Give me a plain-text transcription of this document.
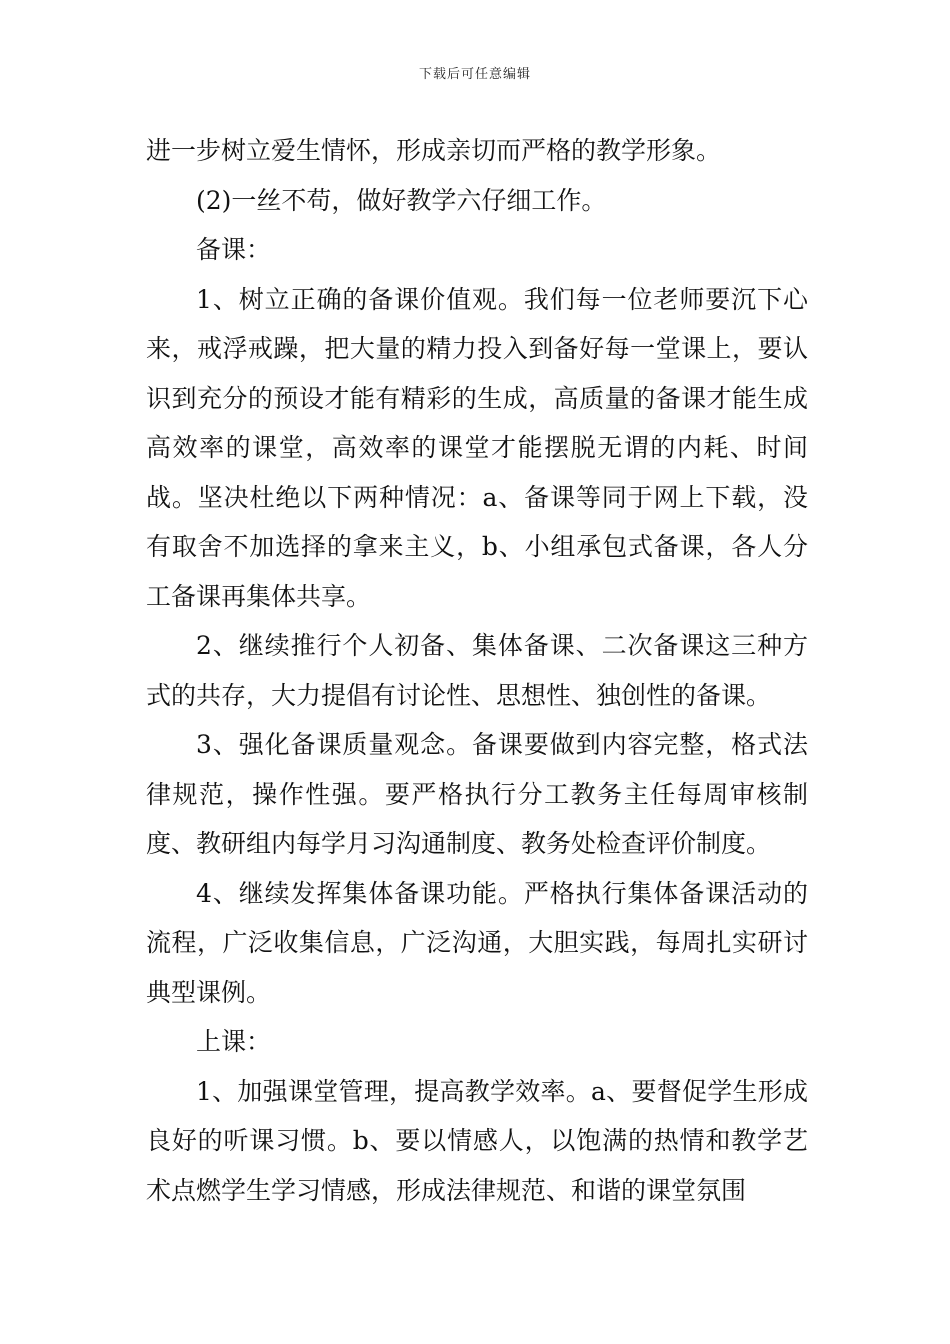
下载后可任意编辑

进一步树立爱生情怀，形成亲切而严格的教学形象。

(2)一丝不苟，做好教学六仔细工作。

备课：

1、树立正确的备课价值观。我们每一位老师要沉下心来，戒浮戒躁，把大量的精力投入到备好每一堂课上，要认识到充分的预设才能有精彩的生成，高质量的备课才能生成高效率的课堂，高效率的课堂才能摆脱无谓的内耗、时间战。坚决杜绝以下两种情况：a、备课等同于网上下载，没有取舍不加选择的拿来主义，b、小组承包式备课，各人分工备课再集体共享。

2、继续推行个人初备、集体备课、二次备课这三种方式的共存，大力提倡有讨论性、思想性、独创性的备课。

3、强化备课质量观念。备课要做到内容完整，格式法律规范，操作性强。要严格执行分工教务主任每周审核制度、教研组内每学月习沟通制度、教务处检查评价制度。

4、继续发挥集体备课功能。严格执行集体备课活动的流程，广泛收集信息，广泛沟通，大胆实践，每周扎实研讨典型课例。

上课：

1、加强课堂管理，提高教学效率。a、要督促学生形成良好的听课习惯。b、要以情感人，以饱满的热情和教学艺术点燃学生学习情感，形成法律规范、和谐的课堂氛围
